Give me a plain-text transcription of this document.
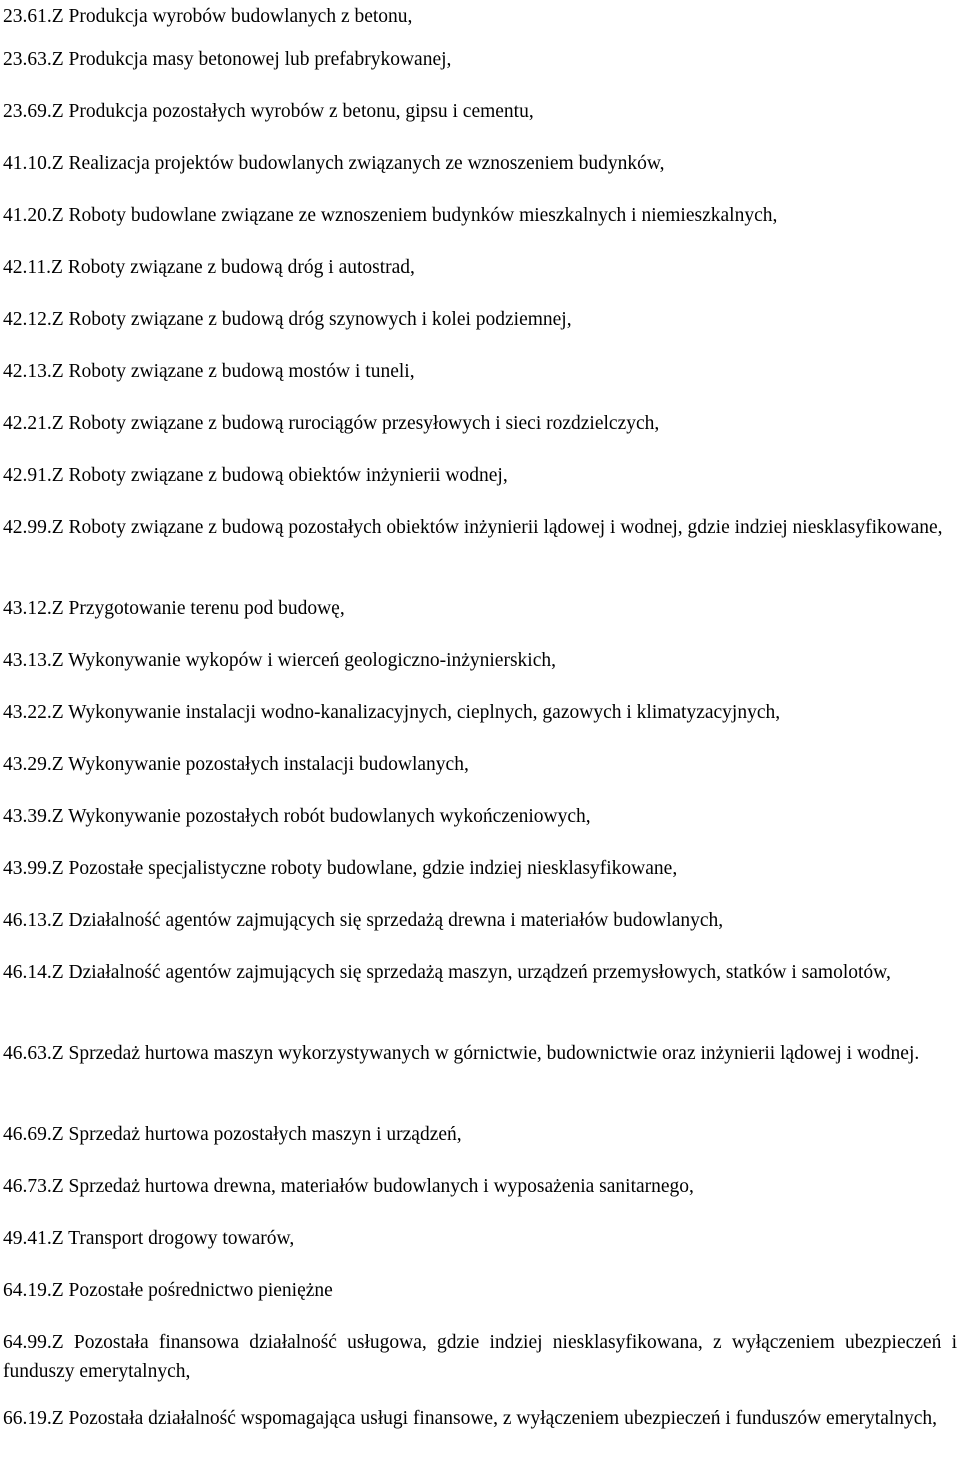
23.61.Z Produkcja wyrobów budowlanych z betonu,

23.63.Z Produkcja masy betonowej lub prefabrykowanej,

23.69.Z Produkcja pozostałych wyrobów z betonu, gipsu i cementu,

41.10.Z Realizacja projektów budowlanych związanych ze wznoszeniem budynków,

41.20.Z Roboty budowlane związane ze wznoszeniem budynków mieszkalnych i niemieszkalnych,

42.11.Z Roboty związane z budową dróg i autostrad,

42.12.Z Roboty związane z budową dróg szynowych i kolei podziemnej,

42.13.Z Roboty związane z budową mostów i tuneli,

42.21.Z Roboty związane z budową rurociągów przesyłowych i sieci rozdzielczych,

42.91.Z Roboty związane z budową obiektów inżynierii wodnej,

42.99.Z Roboty związane z budową pozostałych obiektów inżynierii lądowej i wodnej, gdzie indziej niesklasyfikowane,

43.12.Z Przygotowanie terenu pod budowę,

43.13.Z Wykonywanie wykopów i wierceń geologiczno-inżynierskich,

43.22.Z Wykonywanie instalacji wodno-kanalizacyjnych, cieplnych, gazowych i klimatyzacyjnych,

43.29.Z Wykonywanie pozostałych instalacji budowlanych,

43.39.Z Wykonywanie pozostałych robót budowlanych wykończeniowych,

43.99.Z Pozostałe specjalistyczne roboty budowlane, gdzie indziej niesklasyfikowane,

46.13.Z Działalność agentów zajmujących się sprzedażą drewna i materiałów budowlanych,

46.14.Z Działalność agentów zajmujących się sprzedażą maszyn, urządzeń przemysłowych, statków i samolotów,

46.63.Z Sprzedaż hurtowa maszyn wykorzystywanych w górnictwie, budownictwie oraz inżynierii lądowej i wodnej.

46.69.Z Sprzedaż hurtowa pozostałych maszyn i urządzeń,

46.73.Z Sprzedaż hurtowa drewna, materiałów budowlanych i wyposażenia sanitarnego,

49.41.Z Transport drogowy towarów,

64.19.Z Pozostałe pośrednictwo pieniężne

64.99.Z Pozostała finansowa działalność usługowa, gdzie indziej niesklasyfikowana, z wyłączeniem ubezpieczeń i funduszy emerytalnych,

66.19.Z Pozostała działalność wspomagająca usługi finansowe, z wyłączeniem ubezpieczeń i funduszów emerytalnych,
